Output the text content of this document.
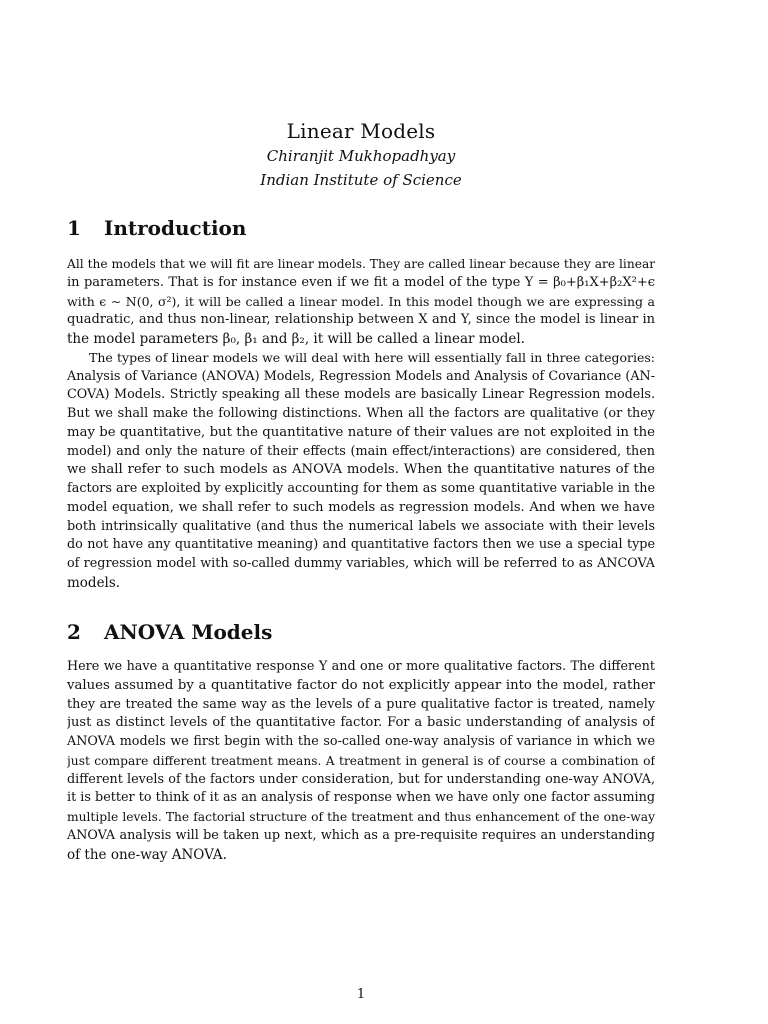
Linear Models

Chiranjit Mukhopadhyay

Indian Institute of Science

1	Introduction
All the models that we will fit are linear models. They are called linear because they are linear
in parameters. That is for instance even if we fit a model of the type Y = β₀+β₁X+β₂X²+ϵ
with ϵ ∼ N(0, σ²), it will be called a linear model. In this model though we are expressing a
quadratic, and thus non-linear, relationship between X and Y, since the model is linear in
the model parameters β₀, β₁ and β₂, it will be called a linear model.
The types of linear models we will deal with here will essentially fall in three categories:
Analysis of Variance (ANOVA) Models, Regression Models and Analysis of Covariance (AN-
COVA) Models. Strictly speaking all these models are basically Linear Regression models.
But we shall make the following distinctions. When all the factors are qualitative (or they
may be quantitative, but the quantitative nature of their values are not exploited in the
model) and only the nature of their effects (main effect/interactions) are considered, then
we shall refer to such models as ANOVA models. When the quantitative natures of the
factors are exploited by explicitly accounting for them as some quantitative variable in the
model equation, we shall refer to such models as regression models. And when we have
both intrinsically qualitative (and thus the numerical labels we associate with their levels
do not have any quantitative meaning) and quantitative factors then we use a special type
of regression model with so-called dummy variables, which will be referred to as ANCOVA
models.
2	ANOVA Models
Here we have a quantitative response Y and one or more qualitative factors. The different
values assumed by a quantitative factor do not explicitly appear into the model, rather
they are treated the same way as the levels of a pure qualitative factor is treated, namely
just as distinct levels of the quantitative factor. For a basic understanding of analysis of
ANOVA models we first begin with the so-called one-way analysis of variance in which we
just compare different treatment means. A treatment in general is of course a combination of
different levels of the factors under consideration, but for understanding one-way ANOVA,
it is better to think of it as an analysis of response when we have only one factor assuming
multiple levels. The factorial structure of the treatment and thus enhancement of the one-way
ANOVA analysis will be taken up next, which as a pre-requisite requires an understanding
of the one-way ANOVA.
1
